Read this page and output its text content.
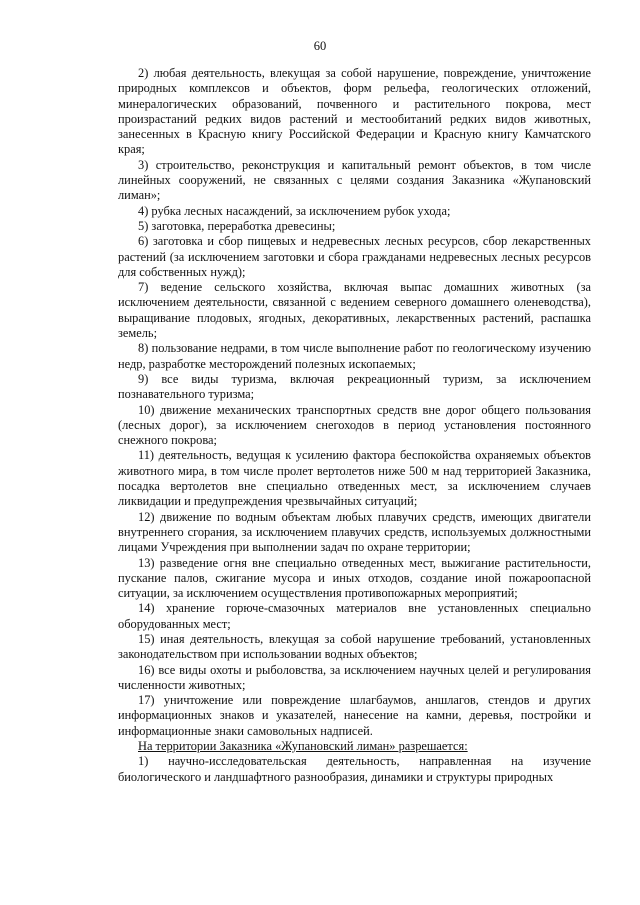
60

2) любая деятельность, влекущая за собой нарушение, повреждение, уничтожение природных комплексов и объектов, форм рельефа, геологических отложений, минералогических образований, почвенного и растительного покрова, мест произрастаний редких видов растений и местообитаний редких видов животных, занесенных в Красную книгу Российской Федерации и Красную книгу Камчатского края;

3) строительство, реконструкция и капитальный ремонт объектов, в том числе линейных сооружений, не связанных с целями создания Заказника «Жупановский лиман»;

4) рубка лесных насаждений, за исключением рубок ухода;

5) заготовка, переработка древесины;

6) заготовка и сбор пищевых и недревесных лесных ресурсов, сбор лекарственных растений (за исключением заготовки и сбора гражданами недревесных лесных ресурсов для собственных нужд);

7) ведение сельского хозяйства, включая выпас домашних животных (за исключением деятельности, связанной с ведением северного домашнего оленеводства), выращивание плодовых, ягодных, декоративных, лекарственных растений, распашка земель;

8) пользование недрами, в том числе выполнение работ по геологическому изучению недр, разработке месторождений полезных ископаемых;

9) все виды туризма, включая рекреационный туризм, за исключением познавательного туризма;

10) движение механических транспортных средств вне дорог общего пользования (лесных дорог), за исключением снегоходов в период установления постоянного снежного покрова;

11) деятельность, ведущая к усилению фактора беспокойства охраняемых объектов животного мира, в том числе пролет вертолетов ниже 500 м над территорией Заказника, посадка вертолетов вне специально отведенных мест, за исключением случаев ликвидации и предупреждения чрезвычайных ситуаций;

12) движение по водным объектам любых плавучих средств, имеющих двигатели внутреннего сгорания, за исключением плавучих средств, используемых должностными лицами Учреждения при выполнении задач по охране территории;

13) разведение огня вне специально отведенных мест, выжигание растительности, пускание палов, сжигание мусора и иных отходов, создание иной пожароопасной ситуации, за исключением осуществления противопожарных мероприятий;

14) хранение горюче-смазочных материалов вне установленных специально оборудованных мест;

15) иная деятельность, влекущая за собой нарушение требований, установленных законодательством при использовании водных объектов;

16) все виды охоты и рыболовства, за исключением научных целей и регулирования численности животных;

17) уничтожение или повреждение шлагбаумов, аншлагов, стендов и других информационных знаков и указателей, нанесение на камни, деревья, постройки и информационные знаки самовольных надписей.

На территории Заказника «Жупановский лиман» разрешается:

1) научно-исследовательская деятельность, направленная на изучение биологического и ландшафтного разнообразия, динамики и структуры природных
